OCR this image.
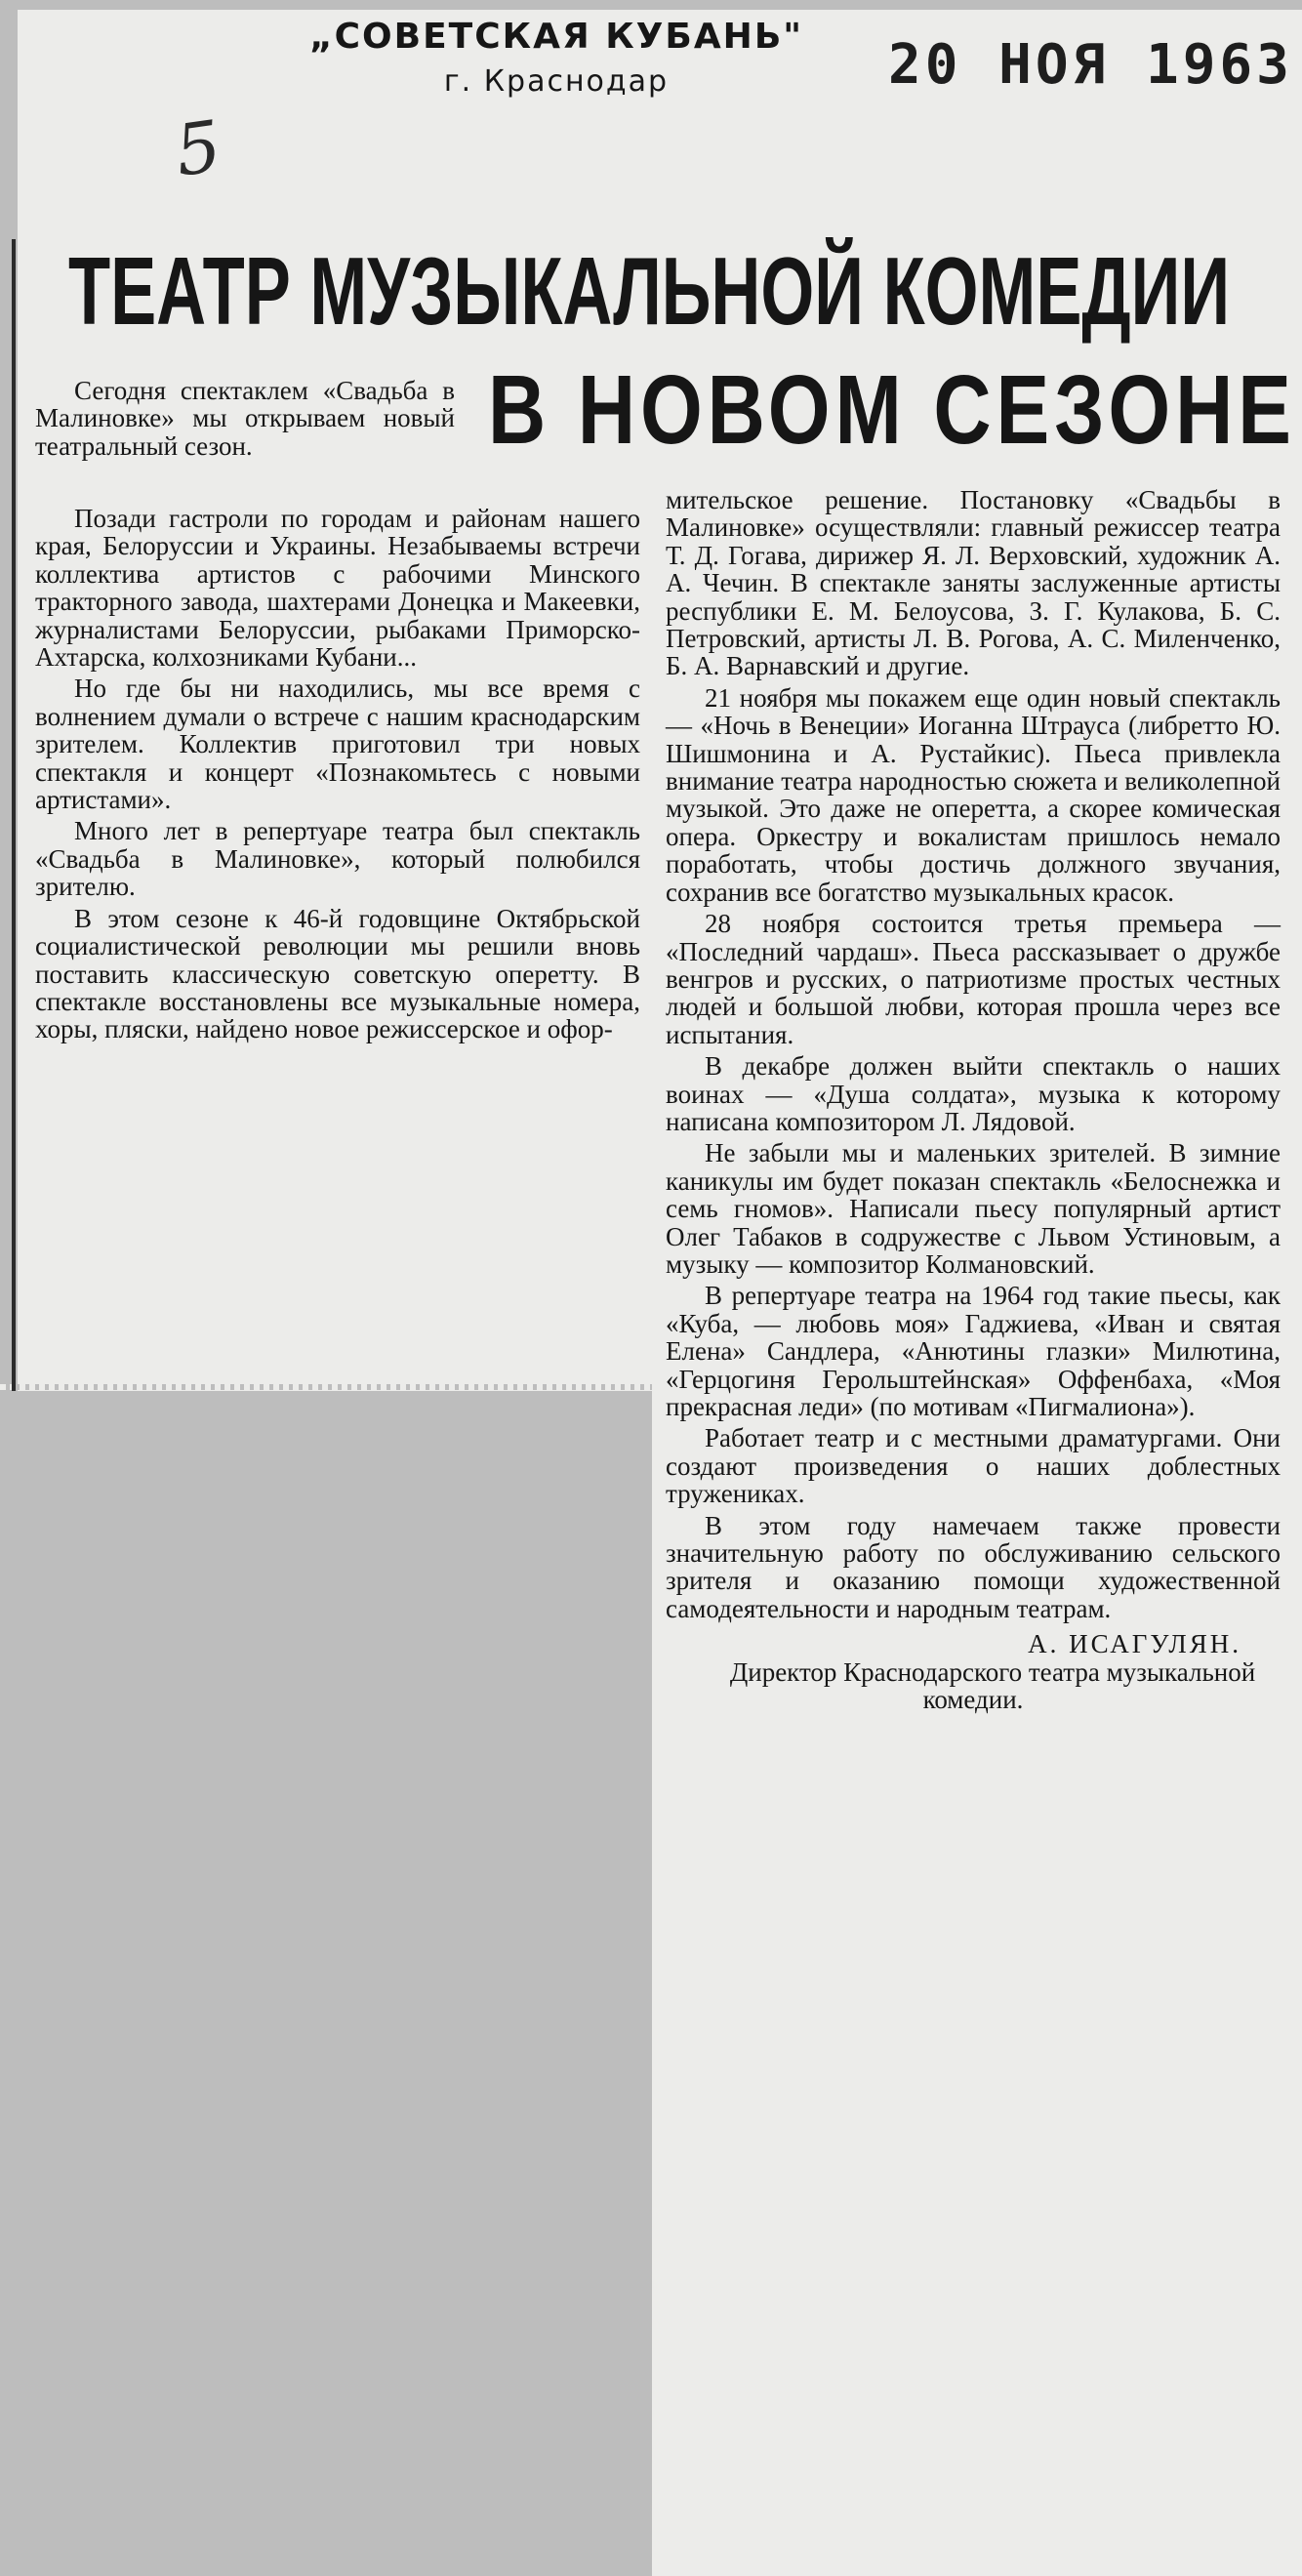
„СОВЕТСКАЯ КУБАНЬ"
г. Краснодар	20 НОЯ 1963
5
ТЕАТР МУЗЫКАЛЬНОЙ КОМЕДИИ
В НОВОМ СЕЗОНЕ

Сегодня спектаклем «Свадьба в Малиновке» мы открываем новый театральный сезон.

Позади гастроли по городам и районам нашего края, Белоруссии и Украины. Незабываемы встречи коллектива артистов с рабочими Минского тракторного завода, шахтерами Донецка и Макеевки, журналистами Белоруссии, рыбаками Приморско-Ахтарска, колхозниками Кубани...

Но где бы ни находились, мы все время с волнением думали о встрече с нашим краснодарским зрителем. Коллектив приготовил три новых спектакля и концерт «Познакомьтесь с новыми артистами».

Много лет в репертуаре театра был спектакль «Свадьба в Малиновке», который полюбился зрителю.

В этом сезоне к 46-й годовщине Октябрьской социалистической революции мы решили вновь поставить классическую советскую оперетту. В спектакле восстановлены все музыкальные номера, хоры, пляски, найдено новое режиссерское и офор-

мительское решение. Постановку «Свадьбы в Малиновке» осуществляли: главный режиссер театра Т. Д. Гогава, дирижер Я. Л. Верховский, художник А. А. Чечин. В спектакле заняты заслуженные артисты республики Е. М. Белоусова, З. Г. Кулакова, Б. С. Петровский, артисты Л. В. Рогова, А. С. Миленченко, Б. А. Варнавский и другие.

21 ноября мы покажем еще один новый спектакль — «Ночь в Венеции» Иоганна Штрауса (либретто Ю. Шишмонина и А. Рустайкис). Пьеса привлекла внимание театра народностью сюжета и великолепной музыкой. Это даже не оперетта, а скорее комическая опера. Оркестру и вокалистам пришлось немало поработать, чтобы достичь должного звучания, сохранив все богатство музыкальных красок.

28 ноября состоится третья премьера — «Последний чардаш». Пьеса рассказывает о дружбе венгров и русских, о патриотизме простых честных людей и большой любви, которая прошла через все испытания.

В декабре должен выйти спектакль о наших воинах — «Душа солдата», музыка к которому написана композитором Л. Лядовой.

Не забыли мы и маленьких зрителей. В зимние каникулы им будет показан спектакль «Белоснежка и семь гномов». Написали пьесу популярный артист Олег Табаков в содружестве с Львом Устиновым, а музыку — композитор Колмановский.

В репертуаре театра на 1964 год такие пьесы, как «Куба, — любовь моя» Гаджиева, «Иван и святая Елена» Сандлера, «Анютины глазки» Милютина, «Герцогиня Герольштейнская» Оффенбаха, «Моя прекрасная леди» (по мотивам «Пигмалиона»).

Работает театр и с местными драматургами. Они создают произведения о наших доблестных тружениках.

В этом году намечаем также провести значительную работу по обслуживанию сельского зрителя и оказанию помощи художественной самодеятельности и народным театрам.

А. ИСАГУЛЯН.

Директор Краснодарского театра музыкальной комедии.
